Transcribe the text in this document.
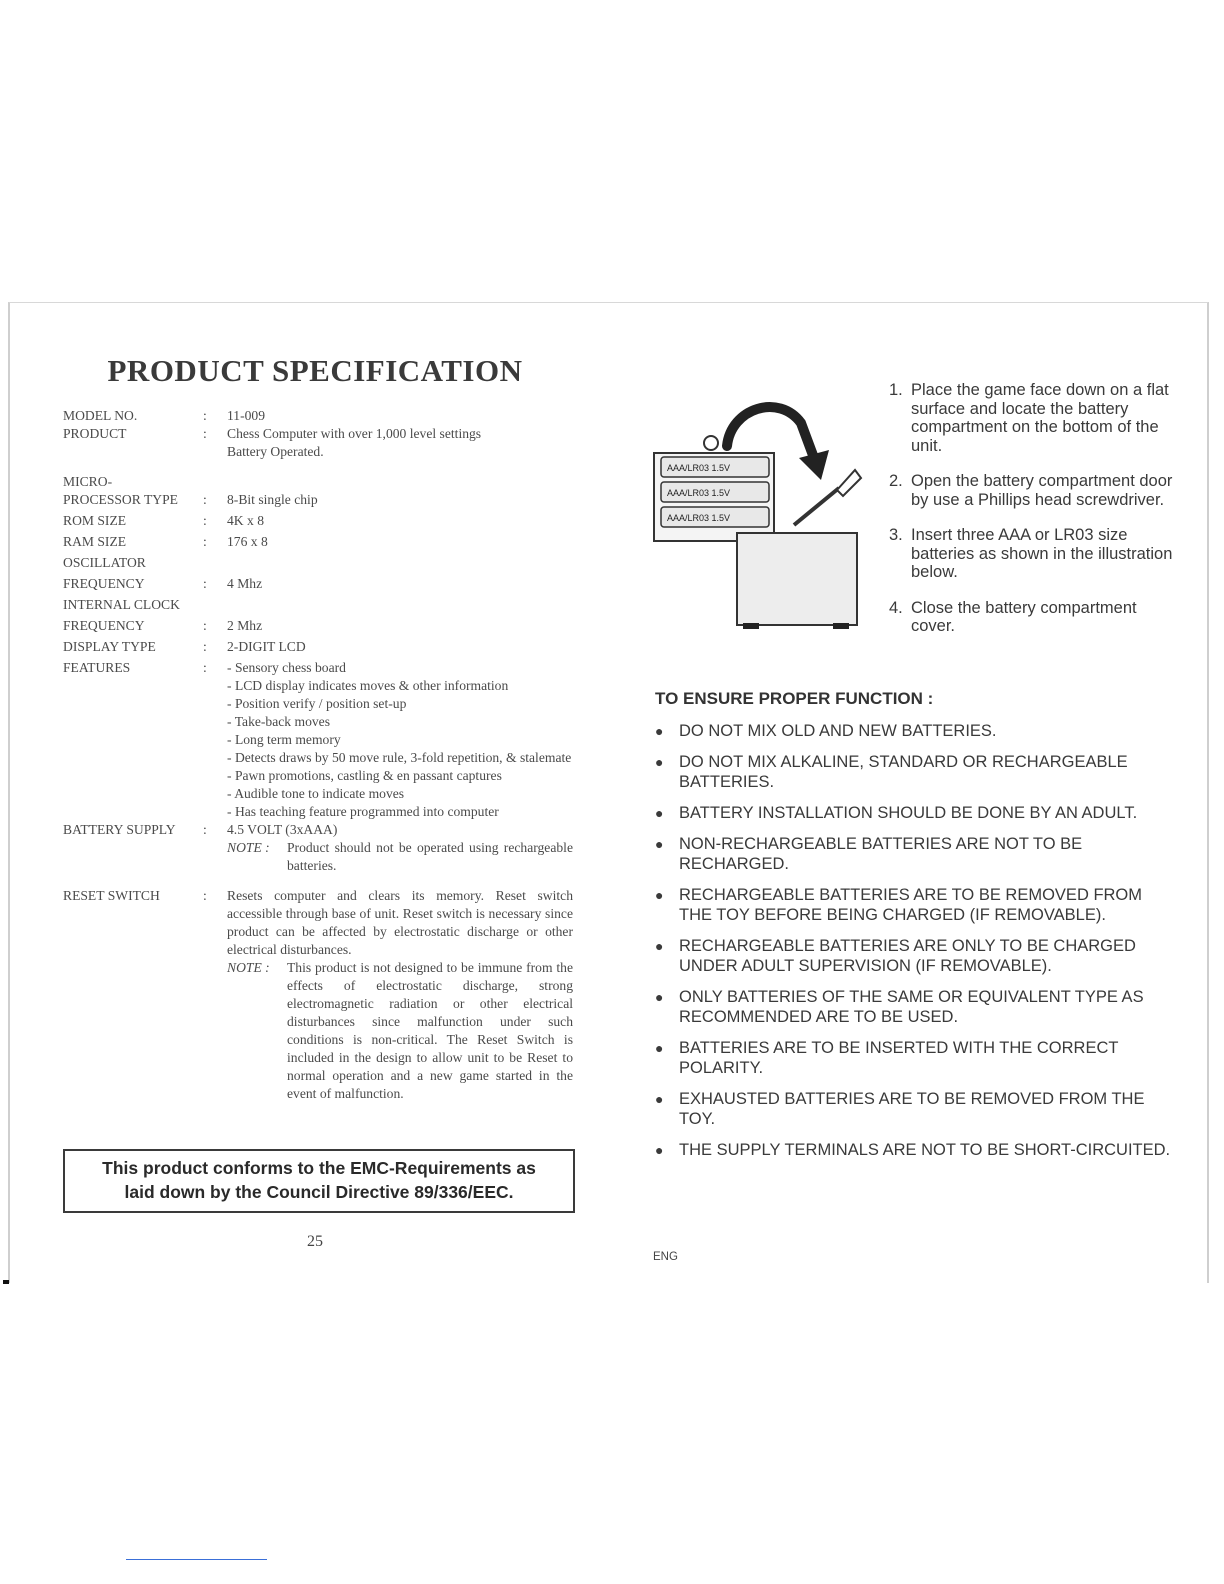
PRODUCT SPECIFICATION
MODEL NO.	:	11-009
PRODUCT	:	Chess Computer with over 1,000 level settings
Battery Operated.
MICRO-
PROCESSOR TYPE	:	8-Bit single chip
ROM SIZE	:	4K x 8
RAM SIZE	:	176 x 8
OSCILLATOR
FREQUENCY	:	4 Mhz
INTERNAL CLOCK
FREQUENCY	:	2 Mhz
DISPLAY TYPE	:	2-DIGIT LCD
FEATURES	:
-	Sensory chess board
- LCD display indicates moves & other information
- Position verify / position set-up
- Take-back moves
- Long term memory
- Detects draws by 50 move rule, 3-fold repetition, & stalemate
- Pawn promotions, castling & en passant captures
- Audible tone to indicate moves
- Has teaching feature programmed into computer
BATTERY SUPPLY	:	4.5 VOLT (3xAAA)
NOTE :	Product should not be operated using rechargeable batteries.
RESET SWITCH	:	Resets computer and clears its memory. Reset switch accessible through base of unit. Reset switch is necessary since product can be affected by electrostatic discharge or other electrical disturbances.
NOTE :	This product is not designed to be immune from the effects of electrostatic discharge, strong electromagnetic radiation or other electrical disturbances since malfunction under such conditions is non-critical. The Reset Switch is included in the design to allow unit to be Reset to normal operation and a new game started in the event of malfunction.
This product conforms to the EMC-Requirements as
laid down by the Council Directive 89/336/EEC.
25
AAA/LR03 1.5V
AAA/LR03 1.5V
AAA/LR03 1.5V
1. Place the game face down on a flat surface and locate the battery compartment on the bottom of the unit.
2. Open the battery compartment door by use a Phillips head screwdriver.
3. Insert three AAA or LR03 size batteries as shown in the illustration below.
4. Close the battery compartment cover.
TO ENSURE PROPER FUNCTION :
● DO NOT MIX OLD AND NEW BATTERIES.
● DO NOT MIX ALKALINE, STANDARD OR RECHARGEABLE BATTERIES.
● BATTERY INSTALLATION SHOULD BE DONE BY AN ADULT.
● NON-RECHARGEABLE BATTERIES ARE NOT TO BE RECHARGED.
● RECHARGEABLE BATTERIES ARE TO BE REMOVED FROM THE TOY BEFORE BEING CHARGED (IF REMOVABLE).
● RECHARGEABLE BATTERIES ARE ONLY TO BE CHARGED UNDER ADULT SUPERVISION (IF REMOVABLE).
● ONLY BATTERIES OF THE SAME OR EQUIVALENT TYPE AS RECOMMENDED ARE TO BE USED.
● BATTERIES ARE TO BE INSERTED WITH THE CORRECT POLARITY.
● EXHAUSTED BATTERIES ARE TO BE REMOVED FROM THE TOY.
● THE SUPPLY TERMINALS ARE NOT TO BE SHORT-CIRCUITED.
ENG
